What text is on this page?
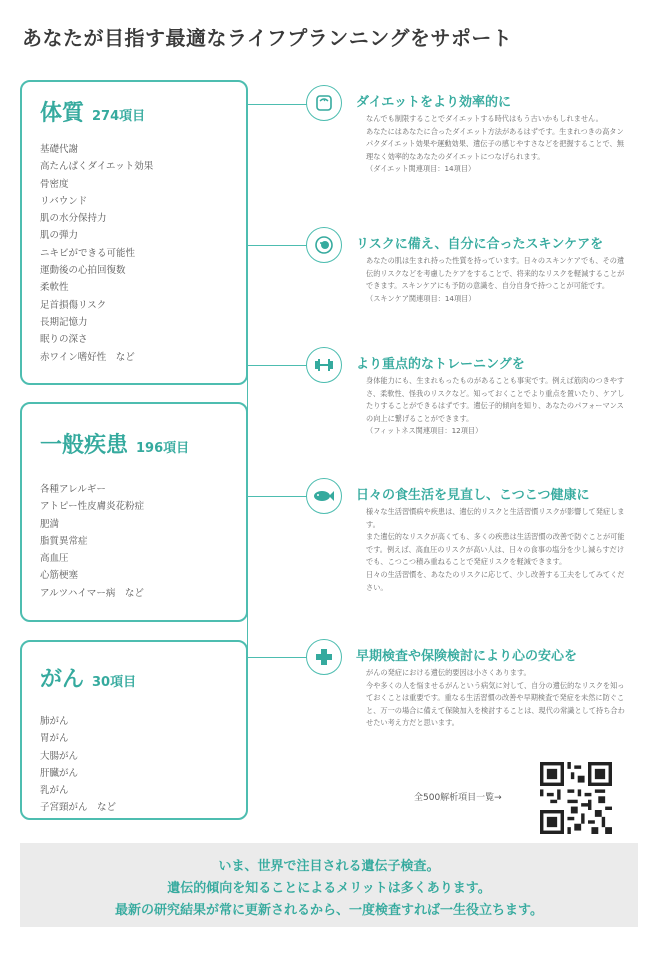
あなたが目指す最適なライフプランニングをサポート
体質 274項目
基礎代謝
高たんぱくダイエット効果
骨密度
リバウンド
肌の水分保持力
肌の弾力
ニキビができる可能性
運動後の心拍回復数
柔軟性
足首損傷リスク
長期記憶力
眠りの深さ
赤ワイン嗜好性　など
一般疾患 196項目
各種アレルギー
アトピー性皮膚炎花粉症
肥満
脂質異常症
高血圧
心筋梗塞
アルツハイマー病　など
がん 30項目
肺がん
胃がん
大腸がん
肝臓がん
乳がん
子宮頸がん　など
ダイエットをより効率的に

なんでも制限することでダイエットする時代はもう古いかもしれません。

あなたにはあなたに合ったダイエット方法があるはずです。生まれつきの高タンパクダイエット効果や運動効果、遺伝子の感じやすさなどを把握することで、無理なく効率的なあなたのダイエットにつなげられます。

（ダイエット関連項目：14項目）

リスクに備え、自分に合ったスキンケアを

あなたの肌は生まれ持った性質を持っています。日々のスキンケアでも、その遺伝的リスクなどを考慮したケアをすることで、将来的なリスクを軽減することができます。スキンケアにも予防の意識を、自分自身で持つことが可能です。

（スキンケア関連項目：14項目）

より重点的なトレーニングを

身体能力にも、生まれもったものがあることも事実です。例えば筋肉のつきやすさ、柔軟性、怪我のリスクなど。知っておくことでより重点を置いたり、ケアしたりすることができるはずです。遺伝子的傾向を知り、あなたのパフォーマンスの向上に繋げることができます。

（フィットネス関連項目：12項目）

日々の食生活を見直し、こつこつ健康に

様々な生活習慣病や疾患は、遺伝的リスクと生活習慣リスクが影響して発症します。

また遺伝的なリスクが高くても、多くの疾患は生活習慣の改善で防ぐことが可能です。例えば、高血圧のリスクが高い人は、日々の食事の塩分を少し減らすだけでも、こつこつ積み重ねることで発症リスクを軽減できます。

日々の生活習慣を、あなたのリスクに応じて、少し改善する工夫をしてみてください。

早期検査や保険検討により心の安心を

がんの発症における遺伝的要因は小さくあります。

今や多くの人を悩ませるがんという病気に対して、自分の遺伝的なリスクを知っておくことは重要です。重なる生活習慣の改善や早期検査で発症を未然に防ぐこと、万一の場合に備えて保険加入を検討することは、現代の常識として持ち合わせたい考え方だと思います。

全500解析項目一覧→
いま、世界で注目される遺伝子検査。
遺伝的傾向を知ることによるメリットは多くあります。
最新の研究結果が常に更新されるから、一度検査すれば一生役立ちます。
